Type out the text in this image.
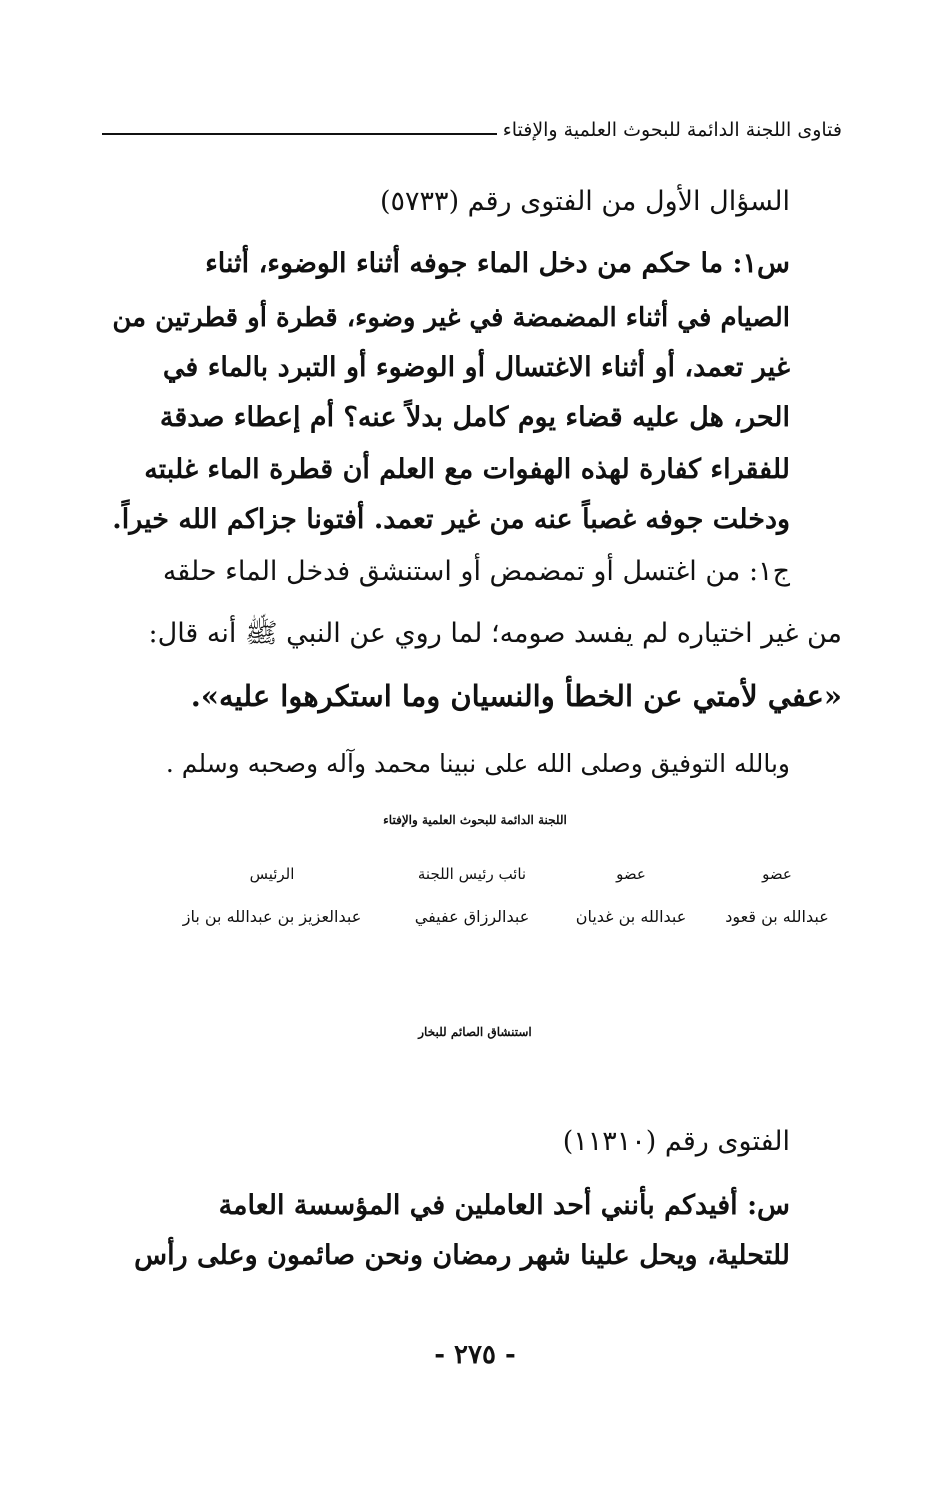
فتاوى اللجنة الدائمة للبحوث العلمية والإفتاء
السؤال الأول من الفتوى رقم (٥٧٣٣)
س١: ما حكم من دخل الماء جوفه أثناء الوضوء، أثناء
الصيام في أثناء المضمضة في غير وضوء، قطرة أو قطرتين من
غير تعمد، أو أثناء الاغتسال أو الوضوء أو التبرد بالماء في
الحر، هل عليه قضاء يوم كامل بدلاً عنه؟ أم إعطاء صدقة
للفقراء كفارة لهذه الهفوات مع العلم أن قطرة الماء غلبته
ودخلت جوفه غصباً عنه من غير تعمد. أفتونا جزاكم الله خيراً.
ج١: من اغتسل أو تمضمض أو استنشق فدخل الماء حلقه
من غير اختياره لم يفسد صومه؛ لما روي عن النبي ﷺ أنه قال:
«عفي لأمتي عن الخطأ والنسيان وما استكرهوا عليه».
وبالله التوفيق وصلى الله على نبينا محمد وآله وصحبه وسلم .
اللجنة الدائمة للبحوث العلمية والإفتاء
عضو
عبدالله بن قعود
عضو
عبدالله بن غديان
نائب رئيس اللجنة
عبدالرزاق عفيفي
الرئيس
عبدالعزيز بن عبدالله بن باز
استنشاق الصائم للبخار
الفتوى رقم (١١٣١٠)
س: أفيدكم بأنني أحد العاملين في المؤسسة العامة
للتحلية، ويحل علينا شهر رمضان ونحن صائمون وعلى رأس
- ٢٧٥ -
